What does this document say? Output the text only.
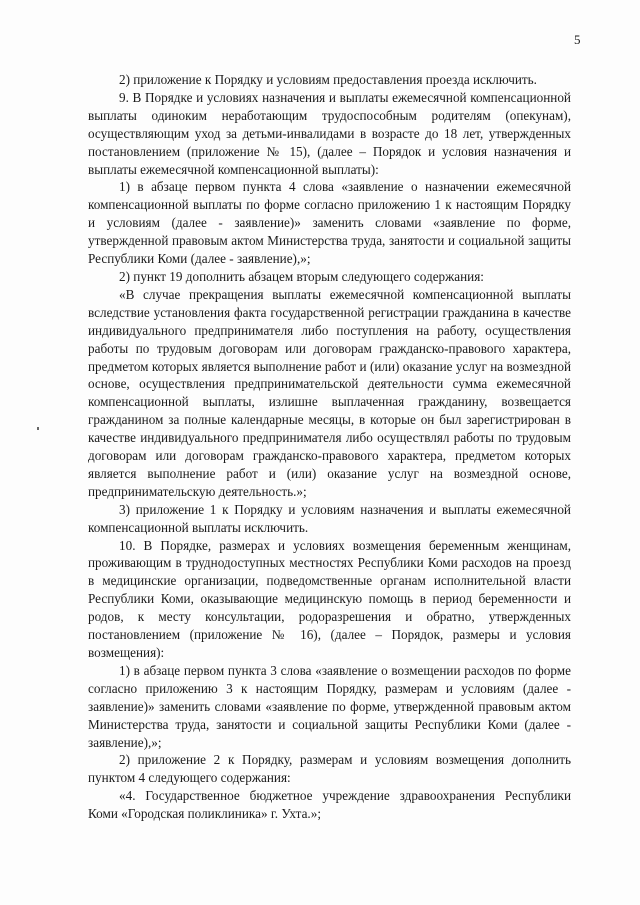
5

2) приложение к Порядку и условиям предоставления проезда исключить.

9. В Порядке и условиях назначения и выплаты ежемесячной компенсационной выплаты одиноким неработающим трудоспособным родителям (опекунам), осуществляющим уход за детьми-инвалидами в возрасте до 18 лет, утвержденных постановлением (приложение № 15), (далее – Порядок и условия назначения и выплаты ежемесячной компенсационной выплаты):

1) в абзаце первом пункта 4 слова «заявление о назначении ежемесячной компенсационной выплаты по форме согласно приложению 1 к настоящим Порядку и условиям (далее - заявление)» заменить словами «заявление по форме, утвержденной правовым актом Министерства труда, занятости и социальной защиты Республики Коми (далее - заявление),»;

2) пункт 19 дополнить абзацем вторым следующего содержания:

«В случае прекращения выплаты ежемесячной компенсационной выплаты вследствие установления факта государственной регистрации гражданина в качестве индивидуального предпринимателя либо поступления на работу, осуществления работы по трудовым договорам или договорам гражданско-правового характера, предметом которых является выполнение работ и (или) оказание услуг на возмездной основе, осуществления предпринимательской деятельности сумма ежемесячной компенсационной выплаты, излишне выплаченная гражданину, возвещается гражданином за полные календарные месяцы, в которые он был зарегистрирован в качестве индивидуального предпринимателя либо осуществлял работы по трудовым договорам или договорам гражданско-правового характера, предметом которых является выполнение работ и (или) оказание услуг на возмездной основе, предпринимательскую деятельность.»;

3) приложение 1 к Порядку и условиям назначения и выплаты ежемесячной компенсационной выплаты исключить.

10. В Порядке, размерах и условиях возмещения беременным женщинам, проживающим в труднодоступных местностях Республики Коми расходов на проезд в медицинские организации, подведомственные органам исполнительной власти Республики Коми, оказывающие медицинскую помощь в период беременности и родов, к месту консультации, родоразрешения и обратно, утвержденных постановлением (приложение № 16), (далее – Порядок, размеры и условия возмещения):

1) в абзаце первом пункта 3 слова «заявление о возмещении расходов по форме согласно приложению 3 к настоящим Порядку, размерам и условиям (далее - заявление)» заменить словами «заявление по форме, утвержденной правовым актом Министерства труда, занятости и социальной защиты Республики Коми (далее - заявление),»;

2) приложение 2 к Порядку, размерам и условиям возмещения дополнить пунктом 4 следующего содержания:

«4. Государственное бюджетное учреждение здравоохранения Республики Коми «Городская поликлиника» г. Ухта.»;
